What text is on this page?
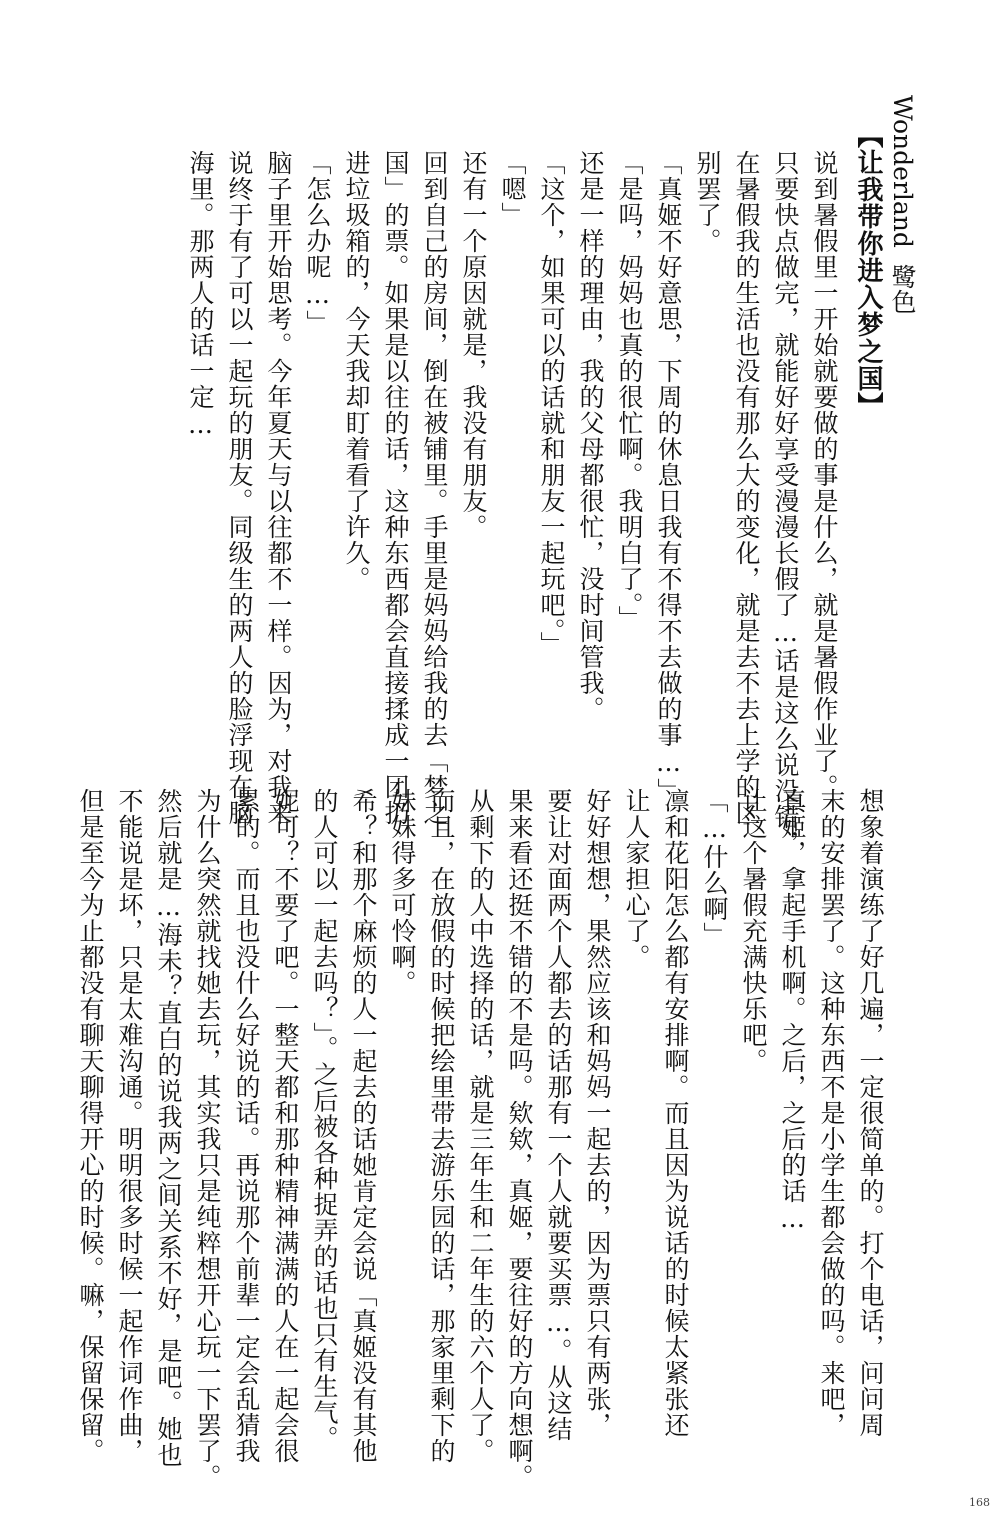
Wonderland 鹭色
【让我带你进入梦之国】
说到暑假里一开始就要做的事是什么，就是暑假作业了。
只要快点做完，就能好好享受漫漫长假了…话是这么说没错，
在暑假我的生活也没有那么大的变化，就是去不去上学的区
别罢了。
「真姬不好意思，下周的休息日我有不得不去做的事…」
「是吗，妈妈也真的很忙啊。我明白了。」
还是一样的理由，我的父母都很忙，没时间管我。
「这个，如果可以的话就和朋友一起玩吧。」
「嗯」
还有一个原因就是，我没有朋友。
回到自己的房间，倒在被铺里。手里是妈妈给我的去「梦之
国」的票。如果是以往的话，这种东西都会直接揉成一团扔
进垃圾箱的，今天我却盯着看了许久。
「怎么办呢…」
脑子里开始思考。今年夏天与以往都不一样。因为，对我来
说终于有了可以一起玩的朋友。同级生的两人的脸浮现在脑
海里。那两人的话一定…
想象着演练了好几遍，一定很简单的。打个电话，问问周
末的安排罢了。这种东西不是小学生都会做的吗。来吧，
真姬，拿起手机啊。之后，之后的话…
让这个暑假充满快乐吧。
「…什么啊」
凛和花阳怎么都有安排啊。而且因为说话的时候太紧张还
让人家担心了。
好好想想，果然应该和妈妈一起去的，因为票只有两张，
要让对面两个人都去的话那有一个人就要买票…。从这结
果来看还挺不错的不是吗。欸欸，真姬，要往好的方向想啊。
从剩下的人中选择的话，就是三年生和二年生的六个人了。
而且，在放假的时候把绘里带去游乐园的话，那家里剩下的
妹妹得多可怜啊。
希？和那个麻烦的人一起去的话她肯定会说「真姬没有其他
的人可以一起去吗？」。之后被各种捉弄的话也只有生气。
妮可？不要了吧。一整天都和那种精神满满的人在一起会很
累的。而且也没什么好说的话。再说那个前辈一定会乱猜我
为什么突然就找她去玩，其实我只是纯粹想开心玩一下罢了。
然后就是…海未？直白的说我两之间关系不好，是吧。她也
不能说是坏，只是太难沟通。明明很多时候一起作词作曲，
但是至今为止都没有聊天聊得开心的时候。嘛，保留保留。
168
